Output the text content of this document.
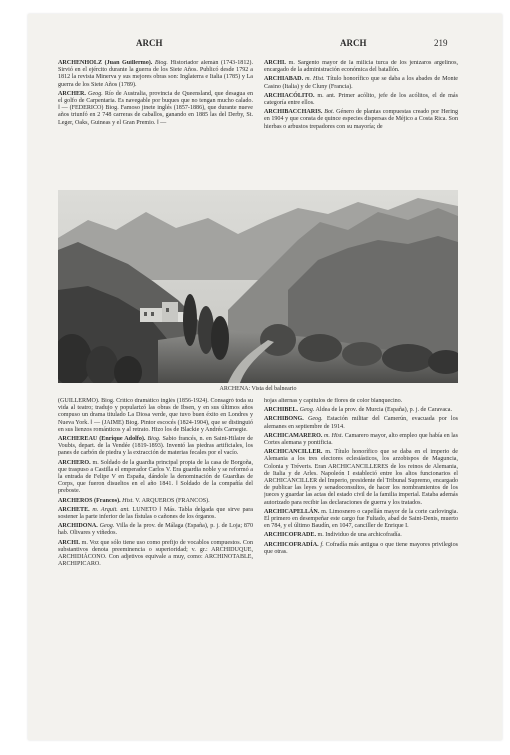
ARCH	ARCH	219

ARCHENHOLZ (Juan Guillermo). Biog. Historiador alemán (1743-1812). Sirvió en el ejército durante la guerra de los Siete Años. Publicó desde 1792 a 1812 la revista Minerva y sus mejores obras son: Inglaterra e Italia (1785) y La guerra de los Siete Años (1789).

ARCHER. Geog. Río de Australia, provincia de Queensland, que desagua en el golfo de Carpentaria. Es navegable por buques que no tengan mucho calado. ‖ — (FEDERICO) Biog. Famoso jinete inglés (1857-1886), que durante nueve años triunfó en 2 748 carreras de caballos, ganando en 1885 las del Derby, St. Leger, Oaks, Guineas y el Gran Premio. ‖ —

ARCHÍ. m. Sargento mayor de la milicia turca de los jenízaros argelinos, encargado de la administración económica del batallón.

ARCHIABAD. m. Hist. Título honorífico que se daba a los abades de Monte Casino (Italia) y de Cluny (Francia).

ARCHIACÓLITO. m. ant. Primer acólito, jefe de los acólitos, el de más categoría entre ellos.

ARCHIBACCHARIS. Bot. Género de plantas compuestas creado por Hering en 1904 y que consta de quince especies dispersas de Méjico a Costa Rica. Son hierbas o arbustos trepadores con su mayoría; de

ARCHENA: Vista del balneario

(GUILLERMO). Biog. Crítico dramático inglés (1856-1924). Consagró toda su vida al teatro; tradujo y popularizó las obras de Ibsen, y en sus últimos años compuso un drama titulado La Diosa verde, que tuvo buen éxito en Londres y Nueva York. ‖ — (JAIME) Biog. Pintor escocés (1824-1904), que se distinguió en sus lienzos románticos y al retrato. Hizo los de Blackie y Andrés Carnegie.

ARCHEREAU (Enrique Adolfo). Biog. Sabio francés, n. en Saint-Hilaire de Voubis, depart. de la Vendée (1819-1893). Inventó las piedras artificiales, los panes de carbón de piedra y la extracción de materias fecales por el vacío.

ARCHERO. m. Soldado de la guardia principal propia de la casa de Borgoña, que traspuso a Castilla el emperador Carlos V. Era guardia noble y se reformó a la entrada de Felipe V en España, dándole la denominación de Guardias de Corps, que fueron disueltos en el año 1841. ‖ Soldado de la compañía del preboste.

ARCHEROS (Francos). Hist. V. ARQUEROS (FRANCOS).

ARCHETE. m. Arquit. ant. LUNETO ‖ Más. Tabla delgada que sirve para sostener la parte inferior de las fístulas o cañones de los órganos.

ARCHIDONA. Geog. Villa de la prov. de Málaga (España), p. j. de Loja; 870 hab. Olivares y viñedos.

ARCHI. m. Voz que sólo tiene uso como prefijo de vocablos compuestos. Con substantivos denota preeminencia o superioridad; v. gr.: ARCHIDUQUE, ARCHIDIÁCONO. Con adjetivos equivale a muy, como: ARCHINOTABLE, ARCHIPICARO.

hojas alternas y capítulos de flores de color blanquecino.

ARCHIBEL. Geog. Aldea de la prov. de Murcia (España), p. j. de Caravaca.

ARCHIBONG. Geog. Estación militar del Camerún, evacuada por los alemanes en septiembre de 1914.

ARCHICAMARERO. m. Hist. Camarero mayor, alto empleo que había en las Cortes alemana y pontificia.

ARCHICANCILLER. m. Título honorífico que se daba en el imperio de Alemania a los tres electores eclesiásticos, los arzobispos de Maguncia, Colonia y Tréveris. Eran ARCHICANCILLERES de los reinos de Alemania, de Italia y de Arles. Napoleón I estableció entre los altos funcionarios el ARCHICANCILLER del Imperio, presidente del Tribunal Supremo, encargado de publicar las leyes y senadoconsultos, de hacer los nombramientos de los jueces y guardar las actas del estado civil de la familia imperial. Estaba además autorizado para recibir las declaraciones de guerra y los tratados.

ARCHICAPELLÁN. m. Limosnero o capellán mayor de la corte carlovingia. El primero en desempeñar este cargo fue Fultado, abad de Saint-Denis, muerto en 784, y el último Baudín, en 1047, canciller de Enrique I.

ARCHICOFRADE. m. Individuo de una archicofradía.

ARCHICOFRADÍA. f. Cofradía más antigua o que tiene mayores privilegios que otras.
